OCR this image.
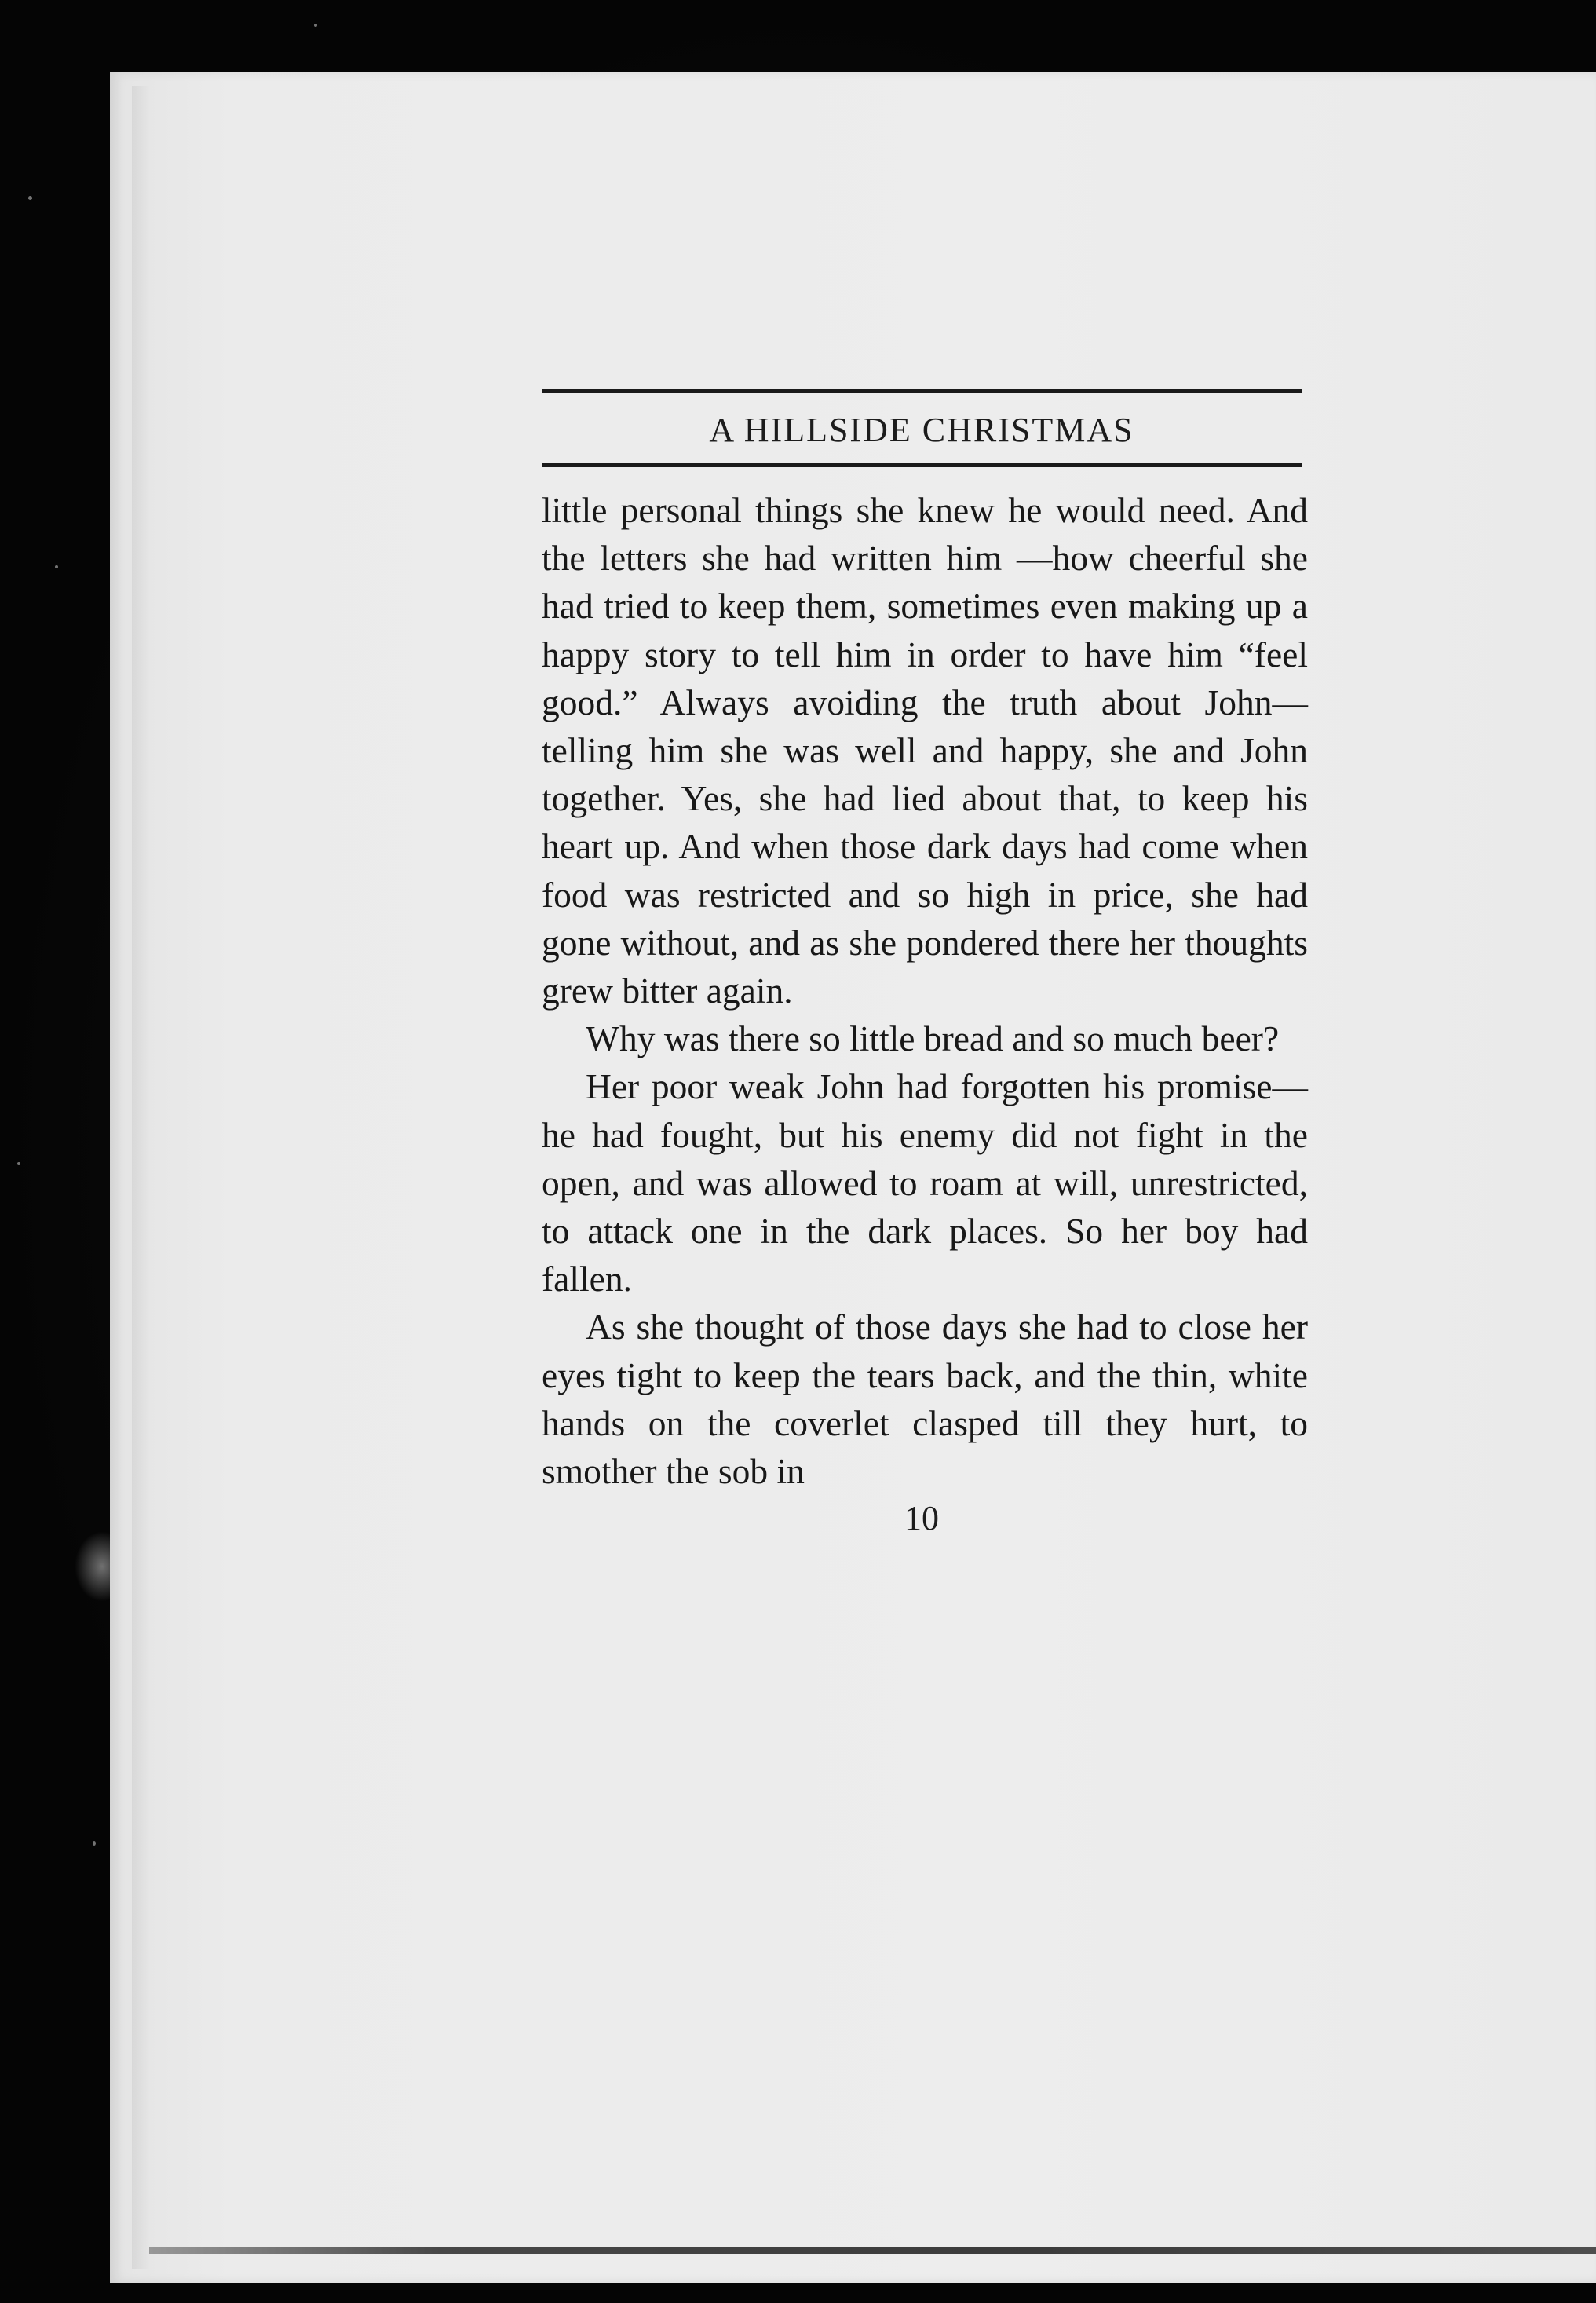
A HILLSIDE CHRISTMAS

little personal things she knew he would need. And the letters she had written him —how cheerful she had tried to keep them, sometimes even making up a happy story to tell him in order to have him “feel good.” Always avoiding the truth about John— telling him she was well and happy, she and John together. Yes, she had lied about that, to keep his heart up. And when those dark days had come when food was restricted and so high in price, she had gone without, and as she pondered there her thoughts grew bitter again.

Why was there so little bread and so much beer?

Her poor weak John had forgotten his promise—he had fought, but his enemy did not fight in the open, and was allowed to roam at will, unrestricted, to attack one in the dark places. So her boy had fallen.

As she thought of those days she had to close her eyes tight to keep the tears back, and the thin, white hands on the coverlet clasped till they hurt, to smother the sob in

10
